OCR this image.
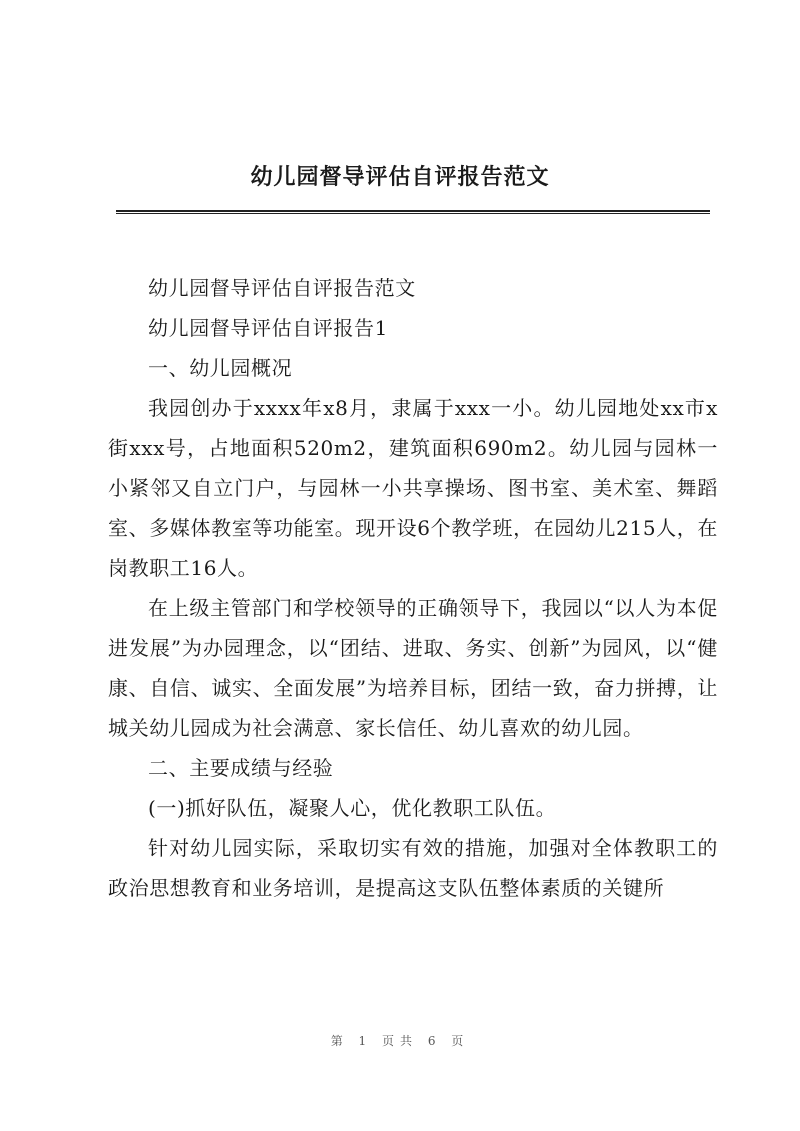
幼儿园督导评估自评报告范文

幼儿园督导评估自评报告范文

幼儿园督导评估自评报告1

一、幼儿园概况

我园创办于xxxx年x8月，隶属于xxx一小。幼儿园地处xx市x街xxx号，占地面积520m2，建筑面积690m2。幼儿园与园林一小紧邻又自立门户，与园林一小共享操场、图书室、美术室、舞蹈室、多媒体教室等功能室。现开设6个教学班，在园幼儿215人，在岗教职工16人。

在上级主管部门和学校领导的正确领导下，我园以“以人为本促进发展”为办园理念，以“团结、进取、务实、创新”为园风，以“健康、自信、诚实、全面发展”为培养目标，团结一致，奋力拼搏，让城关幼儿园成为社会满意、家长信任、幼儿喜欢的幼儿园。

二、主要成绩与经验

(一)抓好队伍，凝聚人心，优化教职工队伍。

针对幼儿园实际，采取切实有效的措施，加强对全体教职工的政治思想教育和业务培训，是提高这支队伍整体素质的关键所

第 1 页共 6 页
